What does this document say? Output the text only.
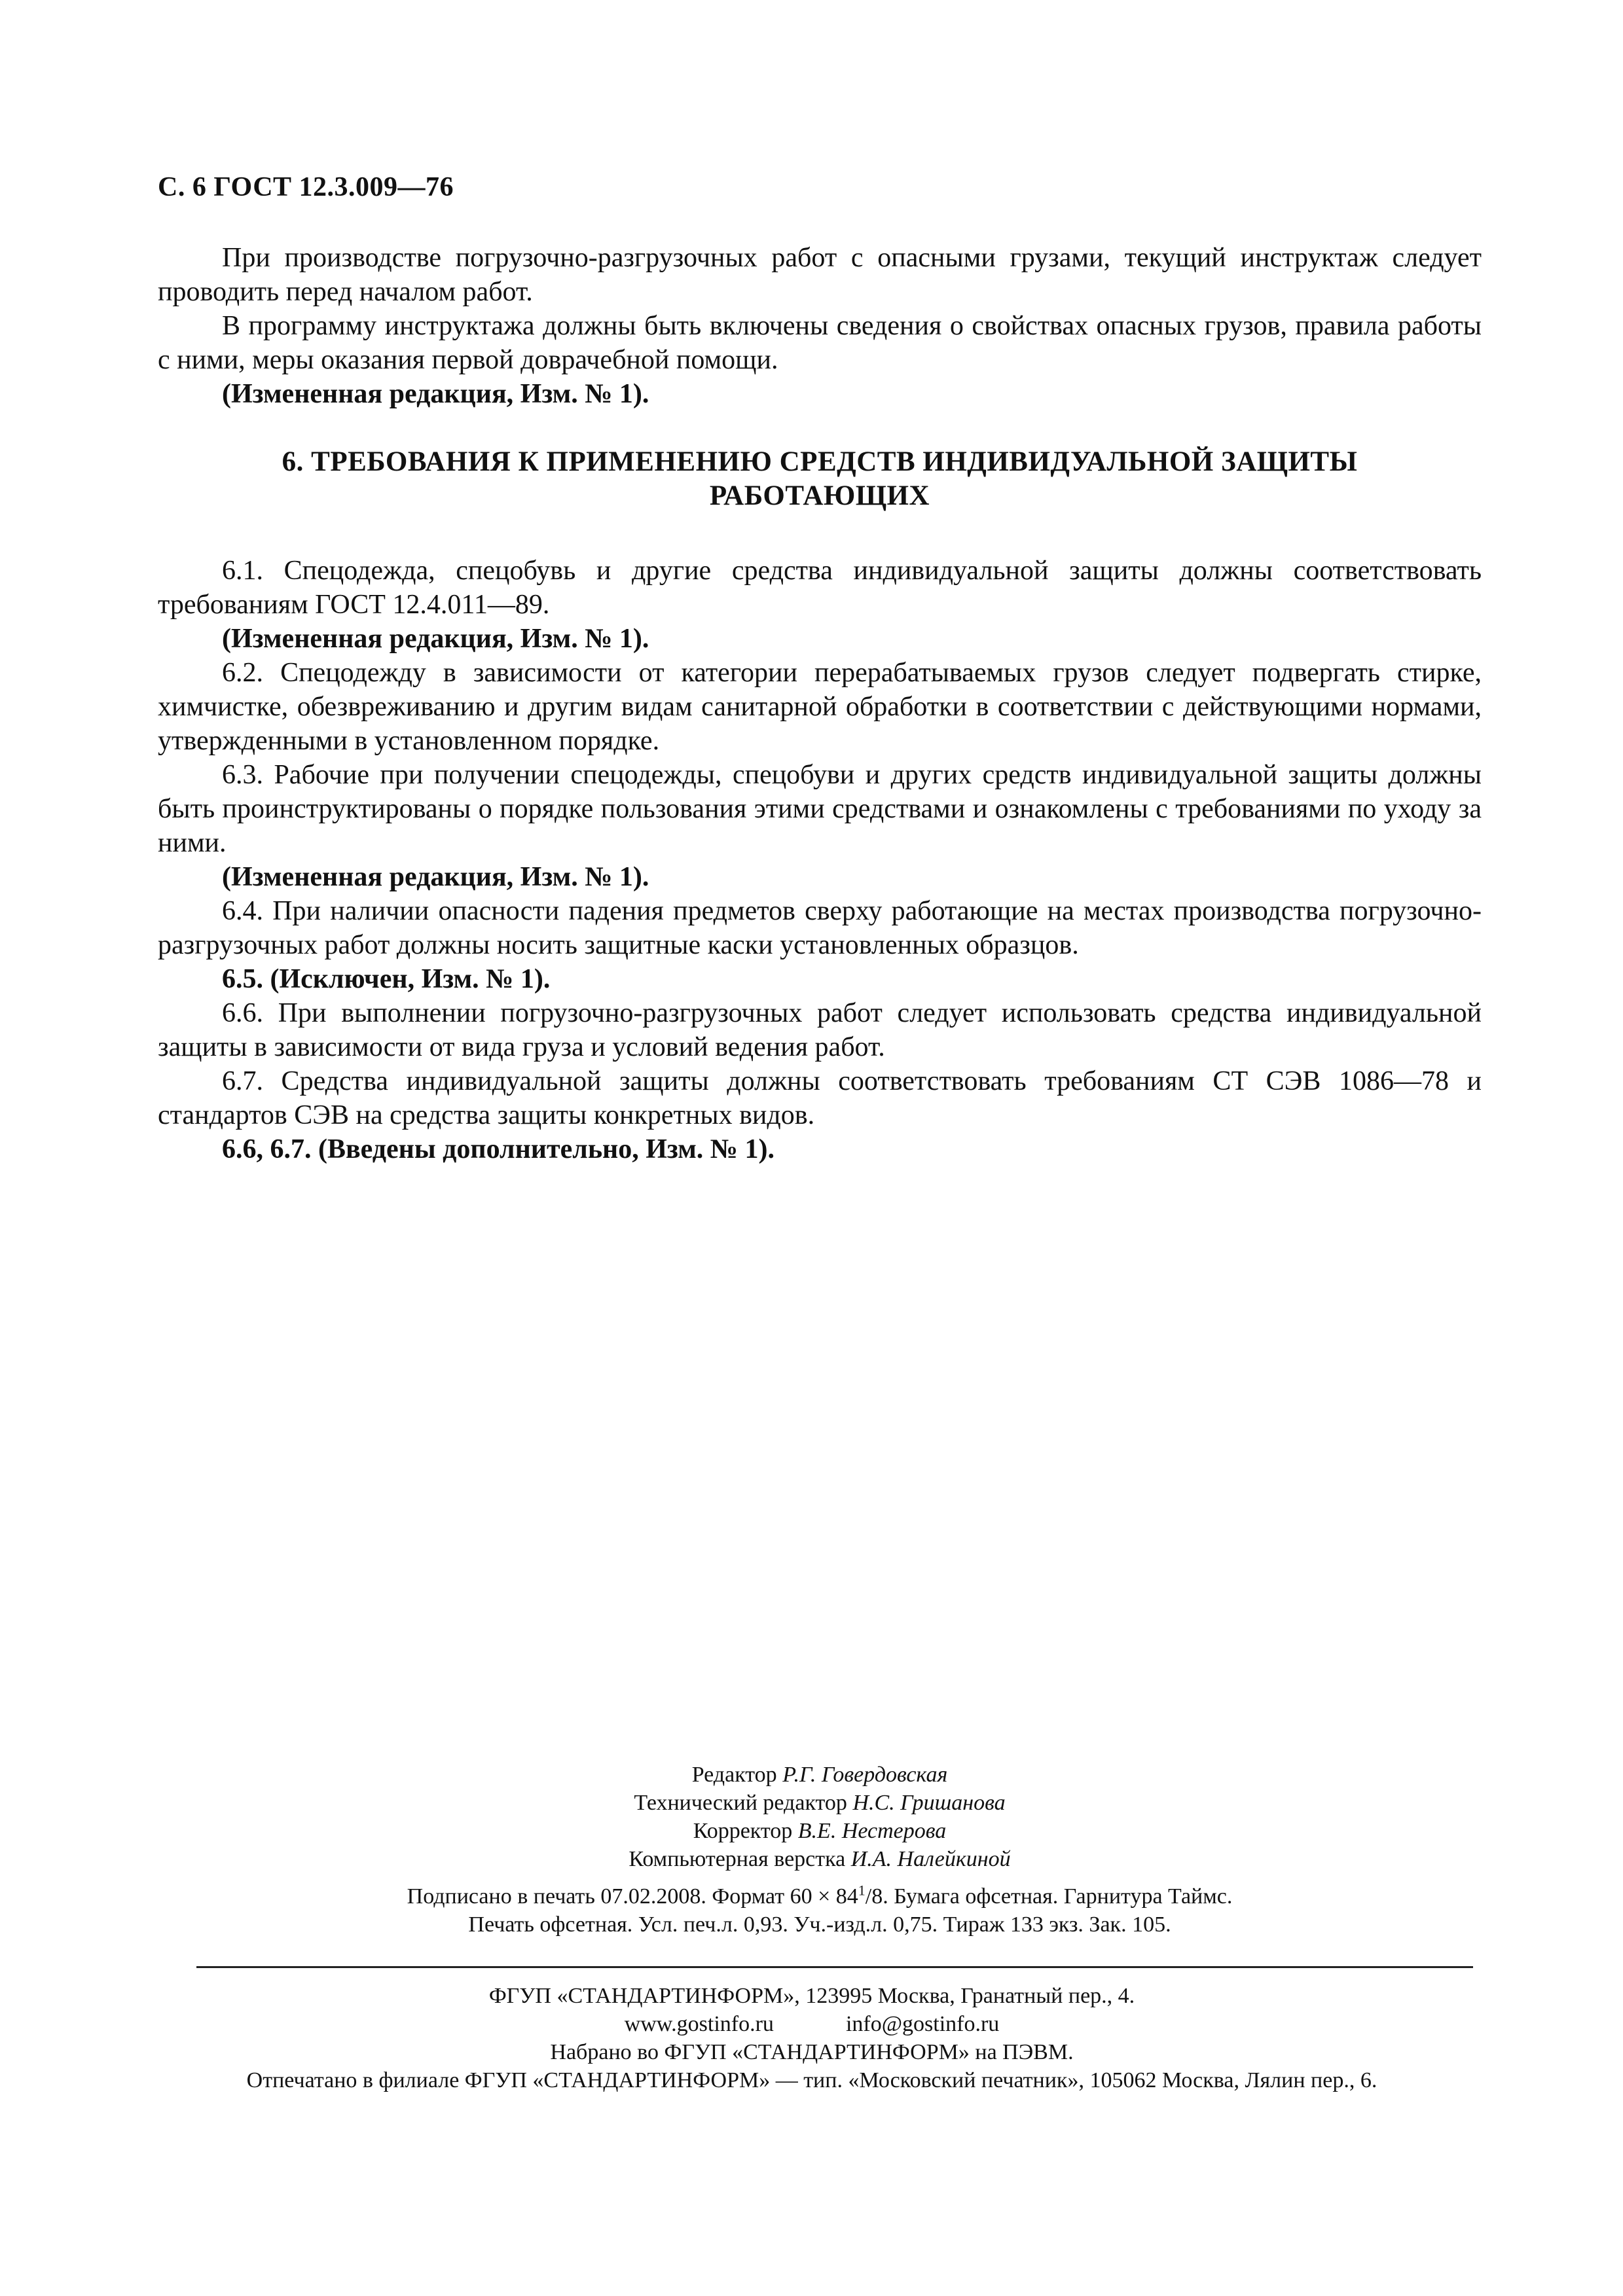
С. 6 ГОСТ 12.3.009—76

При производстве погрузочно-разгрузочных работ с опасными грузами, текущий инструктаж следует проводить перед началом работ.

В программу инструктажа должны быть включены сведения о свойствах опасных грузов, правила работы с ними, меры оказания первой доврачебной помощи.

(Измененная редакция, Изм. № 1).

6. ТРЕБОВАНИЯ К ПРИМЕНЕНИЮ СРЕДСТВ ИНДИВИДУАЛЬНОЙ ЗАЩИТЫ
РАБОТАЮЩИХ

6.1. Спецодежда, спецобувь и другие средства индивидуальной защиты должны соответствовать требованиям ГОСТ 12.4.011—89.

(Измененная редакция, Изм. № 1).

6.2. Спецодежду в зависимости от категории перерабатываемых грузов следует подвергать стирке, химчистке, обезвреживанию и другим видам санитарной обработки в соответствии с действующими нормами, утвержденными в установленном порядке.

6.3. Рабочие при получении спецодежды, спецобуви и других средств индивидуальной защиты должны быть проинструктированы о порядке пользования этими средствами и ознакомлены с требованиями по уходу за ними.

(Измененная редакция, Изм. № 1).

6.4. При наличии опасности падения предметов сверху работающие на местах производства погрузочно-разгрузочных работ должны носить защитные каски установленных образцов.

6.5. (Исключен, Изм. № 1).

6.6. При выполнении погрузочно-разгрузочных работ следует использовать средства индивидуальной защиты в зависимости от вида груза и условий ведения работ.

6.7. Средства индивидуальной защиты должны соответствовать требованиям СТ СЭВ 1086—78 и стандартов СЭВ на средства защиты конкретных видов.

6.6, 6.7. (Введены дополнительно, Изм. № 1).

Редактор Р.Г. Говердовская
Технический редактор Н.С. Гришанова
Корректор В.Е. Нестерова
Компьютерная верстка И.А. Налейкиной
Подписано в печать 07.02.2008. Формат $60 \times 84^1/8$. Бумага офсетная. Гарнитура Таймс.
Печать офсетная. Усл. печ.л. 0,93. Уч.-изд.л. 0,75. Тираж 133 экз. Зак. 105.
ФГУП «СТАНДАРТИНФОРМ», 123995 Москва, Гранатный пер., 4.
www.gostinfo.ru	info@gostinfo.ru
Набрано во ФГУП «СТАНДАРТИНФОРМ» на ПЭВМ.
Отпечатано в филиале ФГУП «СТАНДАРТИНФОРМ» — тип. «Московский печатник», 105062 Москва, Лялин пер., 6.
